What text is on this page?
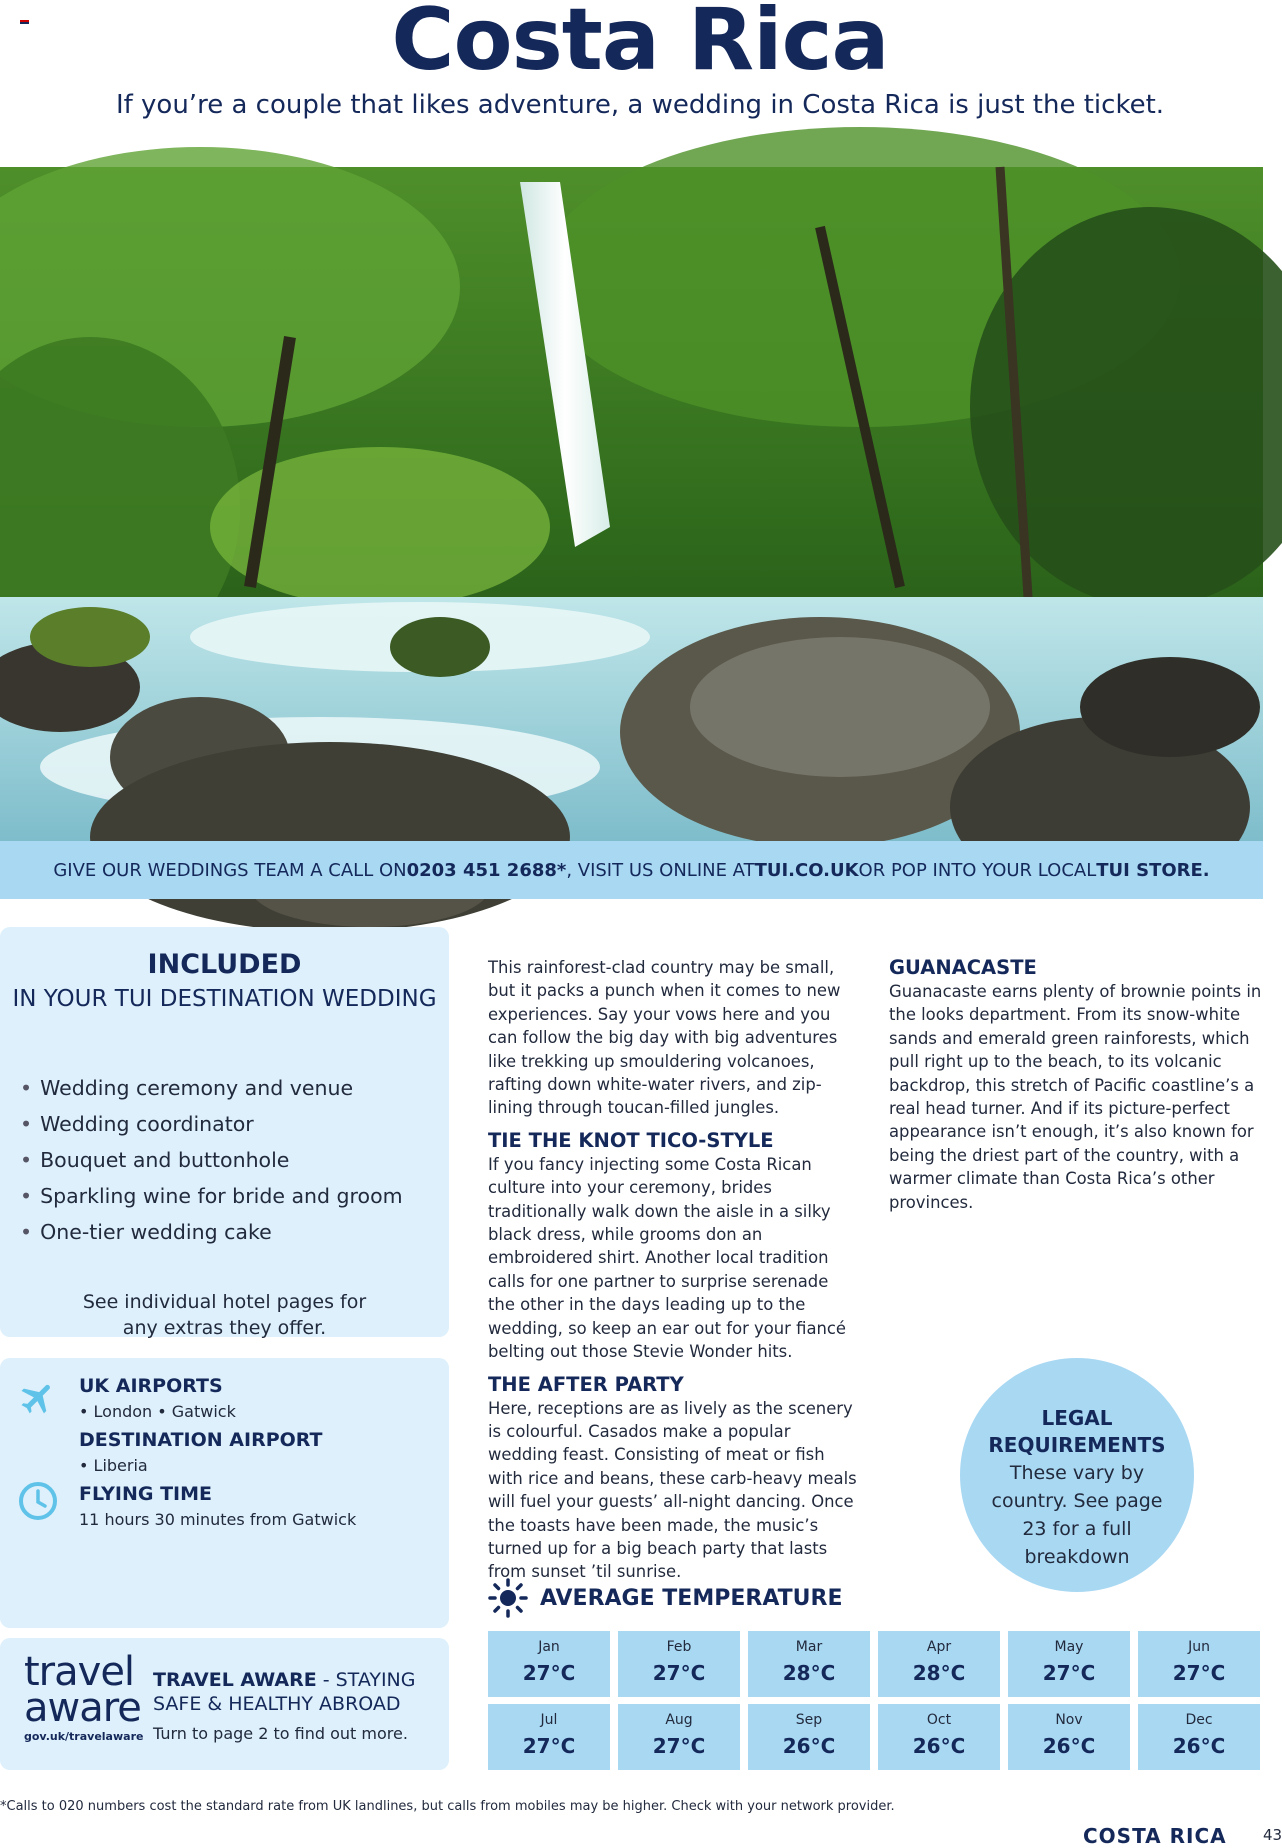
Costa Rica
If you’re a couple that likes adventure, a wedding in Costa Rica is just the ticket.
GIVE OUR WEDDINGS TEAM A CALL ON 0203 451 2688* , VISIT US ONLINE AT TUI.CO.UK OR POP INTO YOUR LOCAL TUI STORE.
INCLUDED
IN YOUR TUI DESTINATION WEDDING
• Wedding ceremony and venue
• Wedding coordinator
• Bouquet and buttonhole
• Sparkling wine for bride and groom
• One-tier wedding cake
See individual hotel pages for any extras they offer.
UK AIRPORTS
• London • Gatwick
DESTINATION AIRPORT
• Liberia
FLYING TIME
11 hours 30 minutes from Gatwick
travel
aware
gov.uk/travelaware
TRAVEL AWARE - STAYING SAFE & HEALTHY ABROAD
Turn to page 2 to find out more.

This rainforest-clad country may be small, but it packs a punch when it comes to new experiences. Say your vows here and you can follow the big day with big adventures like trekking up smouldering volcanoes, rafting down white-water rivers, and zip-lining through toucan-filled jungles.

TIE THE KNOT TICO-STYLE

If you fancy injecting some Costa Rican culture into your ceremony, brides traditionally walk down the aisle in a silky black dress, while grooms don an embroidered shirt. Another local tradition calls for one partner to surprise serenade the other in the days leading up to the wedding, so keep an ear out for your fiancé belting out those Stevie Wonder hits.

THE AFTER PARTY

Here, receptions are as lively as the scenery is colourful. Casados make a popular wedding feast. Consisting of meat or fish with rice and beans, these carb-heavy meals will fuel your guests’ all-night dancing. Once the toasts have been made, the music’s turned up for a big beach party that lasts from sunset ’til sunrise.

GUANACASTE

Guanacaste earns plenty of brownie points in the looks department. From its snow-white sands and emerald green rainforests, which pull right up to the beach, to its volcanic backdrop, this stretch of Pacific coastline’s a real head turner. And if its picture-perfect appearance isn’t enough, it’s also known for being the driest part of the country, with a warmer climate than Costa Rica’s other provinces.

LEGAL REQUIREMENTS
These vary by country. See page 23 for a full breakdown
AVERAGE TEMPERATURE
Jan
27°C
Feb
27°C
Mar
28°C
Apr
28°C
May
27°C
Jun
27°C
Jul
27°C
Aug
27°C
Sep
26°C
Oct
26°C
Nov
26°C
Dec
26°C
*Calls to 020 numbers cost the standard rate from UK landlines, but calls from mobiles may be higher. Check with your network provider.
COSTA RICA 43
